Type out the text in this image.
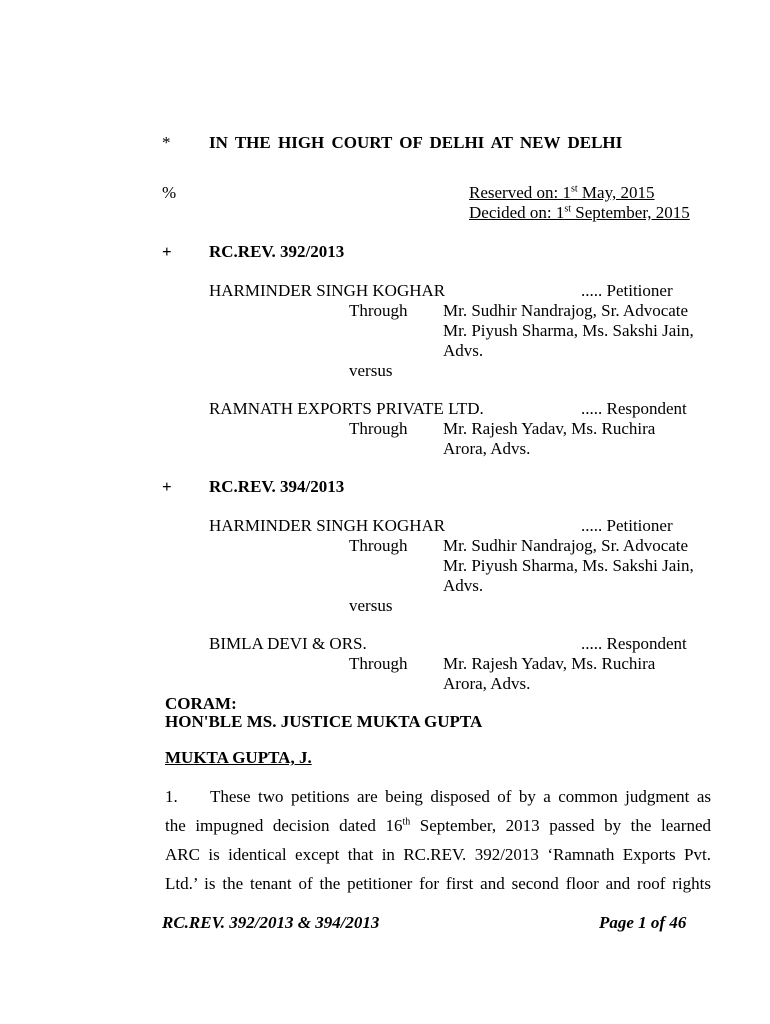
* IN THE HIGH COURT OF DELHI AT NEW DELHI
%	Reserved on: 1st May, 2015
Decided on: 1st September, 2015
+ RC.REV. 392/2013
HARMINDER SINGH KOGHAR	..... Petitioner
Through Mr. Sudhir Nandrajog, Sr. Advocate
Mr. Piyush Sharma, Ms. Sakshi Jain,
Advs.
versus
RAMNATH EXPORTS PRIVATE LTD.	..... Respondent
Through Mr. Rajesh Yadav, Ms. Ruchira
Arora, Advs.
+ RC.REV. 394/2013
HARMINDER SINGH KOGHAR	..... Petitioner
Through Mr. Sudhir Nandrajog, Sr. Advocate
Mr. Piyush Sharma, Ms. Sakshi Jain,
Advs.
versus
BIMLA DEVI & ORS.	..... Respondent
Through Mr. Rajesh Yadav, Ms. Ruchira
Arora, Advs.
CORAM:
HON'BLE MS. JUSTICE MUKTA GUPTA
MUKTA GUPTA, J.
1. These two petitions are being disposed of by a common judgment as
the impugned decision dated 16th September, 2013 passed by the learned
ARC is identical except that in RC.REV. 392/2013 ‘Ramnath Exports Pvt.
Ltd.’ is the tenant of the petitioner for first and second floor and roof rights
RC.REV. 392/2013 & 394/2013	Page 1 of 46
